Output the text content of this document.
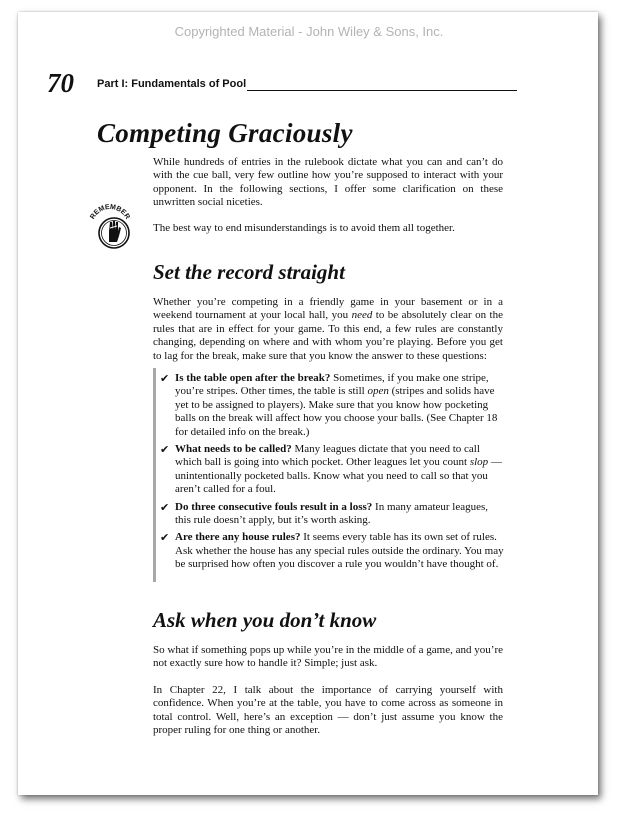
Copyrighted Material - John Wiley & Sons, Inc.
70 Part I: Fundamentals of Pool
Competing Graciously

While hundreds of entries in the rulebook dictate what you can and can’t do with the cue ball, very few outline how you’re supposed to interact with your opponent. In the following sections, I offer some clarification on these unwritten social niceties.

REMEMBER

The best way to end misunderstandings is to avoid them all together.

Set the record straight

Whether you’re competing in a friendly game in your basement or in a weekend tournament at your local hall, you need to be absolutely clear on the rules that are in effect for your game. To this end, a few rules are constantly changing, depending on where and with whom you’re playing. Before you get to lag for the break, make sure that you know the answer to these questions:

✔ Is the table open after the break? Sometimes, if you make one stripe, you’re stripes. Other times, the table is still open (stripes and solids have yet to be assigned to players). Make sure that you know how pocketing balls on the break will affect how you choose your balls. (See Chapter 18 for detailed info on the break.)
✔ What needs to be called? Many leagues dictate that you need to call which ball is going into which pocket. Other leagues let you count slop — unintentionally pocketed balls. Know what you need to call so that you aren’t called for a foul.
✔ Do three consecutive fouls result in a loss? In many amateur leagues, this rule doesn’t apply, but it’s worth asking.
✔ Are there any house rules? It seems every table has its own set of rules. Ask whether the house has any special rules outside the ordinary. You may be surprised how often you discover a rule you wouldn’t have thought of.
Ask when you don’t know

So what if something pops up while you’re in the middle of a game, and you’re not exactly sure how to handle it? Simple; just ask.

In Chapter 22, I talk about the importance of carrying yourself with confidence. When you’re at the table, you have to come across as someone in total control. Well, here’s an exception — don’t just assume you know the proper ruling for one thing or another.
